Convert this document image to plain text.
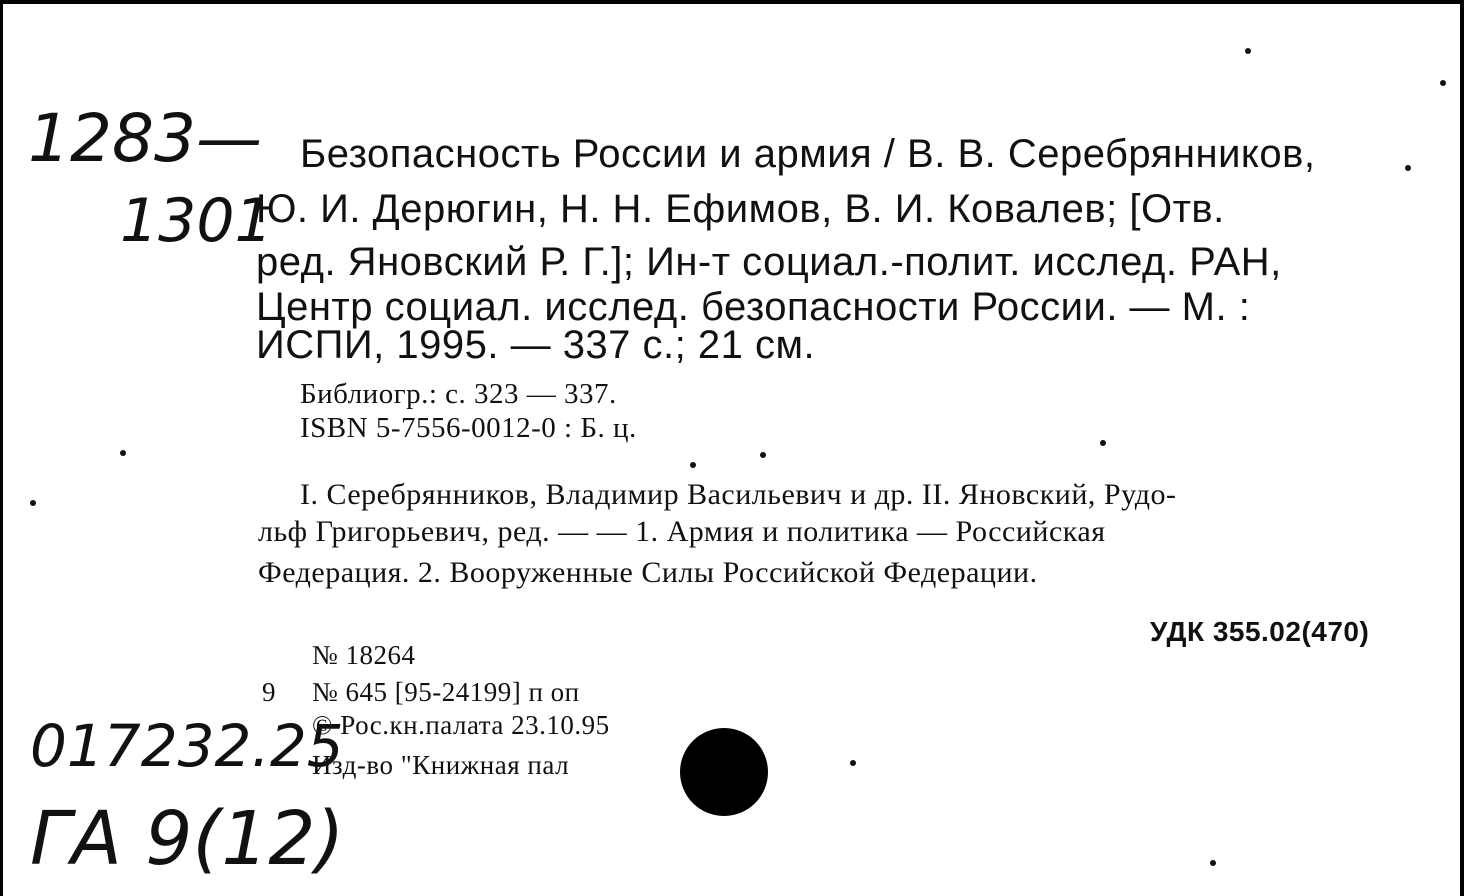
1283—
1301
017232.25
ГА 9(12)
Безопасность России и армия / В. В. Серебрянников,
Ю. И. Дерюгин, Н. Н. Ефимов, В. И. Ковалев; [Отв.
ред. Яновский Р. Г.]; Ин-т социал.-полит. исслед. РАН,
Центр социал. исслед. безопасности России. — М. :
ИСПИ, 1995. — 337 с.; 21 см.
Библиогр.: с. 323 — 337.
ISBN 5-7556-0012-0 : Б. ц.
I. Серебрянников, Владимир Васильевич и др. II. Яновский, Рудо-
льф Григорьевич, ред. — — 1. Армия и политика — Российская
Федерация. 2. Вооруженные Силы Российской Федерации.
УДК 355.02(470)
№ 18264
9 № 645 [95-24199] п оп
© Рос.кн.палата 23.10.95
Изд-во "Книжная пал
